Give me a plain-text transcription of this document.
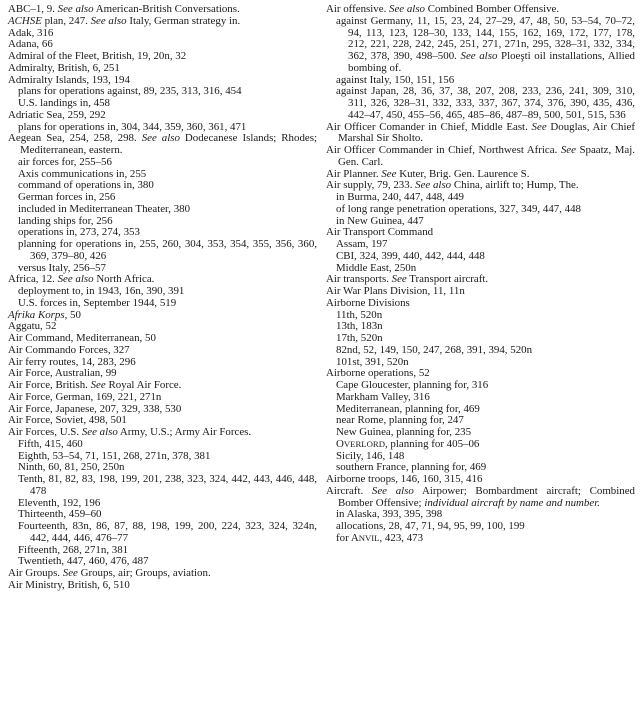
ABC–1, 9. See also American-British Conversations.

ACHSE plan, 247. See also Italy, German strategy in.

Adak, 316

Adana, 66

Admiral of the Fleet, British, 19, 20n, 32

Admiralty, British, 6, 251

Admiralty Islands, 193, 194

plans for operations against, 89, 235, 313, 316, 454

U.S. landings in, 458

Adriatic Sea, 259, 292

plans for operations in, 304, 344, 359, 360, 361, 471

Aegean Sea, 254, 258, 298. See also Dodecanese Islands; Rhodes; Mediterranean, eastern.

air forces for, 255–56

Axis communications in, 255

command of operations in, 380

German forces in, 256

included in Mediterranean Theater, 380

landing ships for, 256

operations in, 273, 274, 353

planning for operations in, 255, 260, 304, 353, 354, 355, 356, 360, 369, 379–80, 426

versus Italy, 256–57

Africa, 12. See also North Africa.

deployment to, in 1943, 16n, 390, 391

U.S. forces in, September 1944, 519

Afrika Korps, 50

Aggatu, 52

Air Command, Mediterranean, 50

Air Commando Forces, 327

Air ferry routes, 14, 283, 296

Air Force, Australian, 99

Air Force, British. See Royal Air Force.

Air Force, German, 169, 221, 271n

Air Force, Japanese, 207, 329, 338, 530

Air Force, Soviet, 498, 501

Air Forces, U.S. See also Army, U.S.; Army Air Forces.

Fifth, 415, 460

Eighth, 53–54, 71, 151, 268, 271n, 378, 381

Ninth, 60, 81, 250, 250n

Tenth, 81, 82, 83, 198, 199, 201, 238, 323, 324, 442, 443, 446, 448, 478

Eleventh, 192, 196

Thirteenth, 459–60

Fourteenth, 83n, 86, 87, 88, 198, 199, 200, 224, 323, 324, 324n, 442, 444, 446, 476–77

Fifteenth, 268, 271n, 381

Twentieth, 447, 460, 476, 487

Air Groups. See Groups, air; Groups, aviation.

Air Ministry, British, 6, 510

Air offensive. See also Combined Bomber Offensive.

against Germany, 11, 15, 23, 24, 27–29, 47, 48, 50, 53–54, 70–72, 94, 113, 123, 128–30, 133, 144, 155, 162, 169, 172, 177, 178, 212, 221, 228, 242, 245, 251, 271, 271n, 295, 328–31, 332, 334, 362, 378, 390, 498–500. See also Ploeşti oil installations, Allied bombing of.

against Italy, 150, 151, 156

against Japan, 28, 36, 37, 38, 207, 208, 233, 236, 241, 309, 310, 311, 326, 328–31, 332, 333, 337, 367, 374, 376, 390, 435, 436, 442–47, 450, 455–56, 465, 485–86, 487–89, 500, 501, 515, 536

Air Officer Comander in Chief, Middle East. See Douglas, Air Chief Marshal Sir Sholto.

Air Officer Commander in Chief, Northwest Africa. See Spaatz, Maj. Gen. Carl.

Air Planner. See Kuter, Brig. Gen. Laurence S.

Air supply, 79, 233. See also China, airlift to; Hump, The.

in Burma, 240, 447, 448, 449

of long range penetration operations, 327, 349, 447, 448

in New Guinea, 447

Air Transport Command

Assam, 197

CBI, 324, 399, 440, 442, 444, 448

Middle East, 250n

Air transports. See Transport aircraft.

Air War Plans Division, 11, 11n

Airborne Divisions

11th, 520n

13th, 183n

17th, 520n

82nd, 52, 149, 150, 247, 268, 391, 394, 520n

101st, 391, 520n

Airborne operations, 52

Cape Gloucester, planning for, 316

Markham Valley, 316

Mediterranean, planning for, 469

near Rome, planning for, 247

New Guinea, planning for, 235

OVERLORD, planning for 405–06

Sicily, 146, 148

southern France, planning for, 469

Airborne troops, 146, 160, 315, 416

Aircraft. See also Airpower; Bombardment aircraft; Combined Bomber Offensive; individual aircraft by name and number.

in Alaska, 393, 395, 398

allocations, 28, 47, 71, 94, 95, 99, 100, 199

for ANVIL, 423, 473
